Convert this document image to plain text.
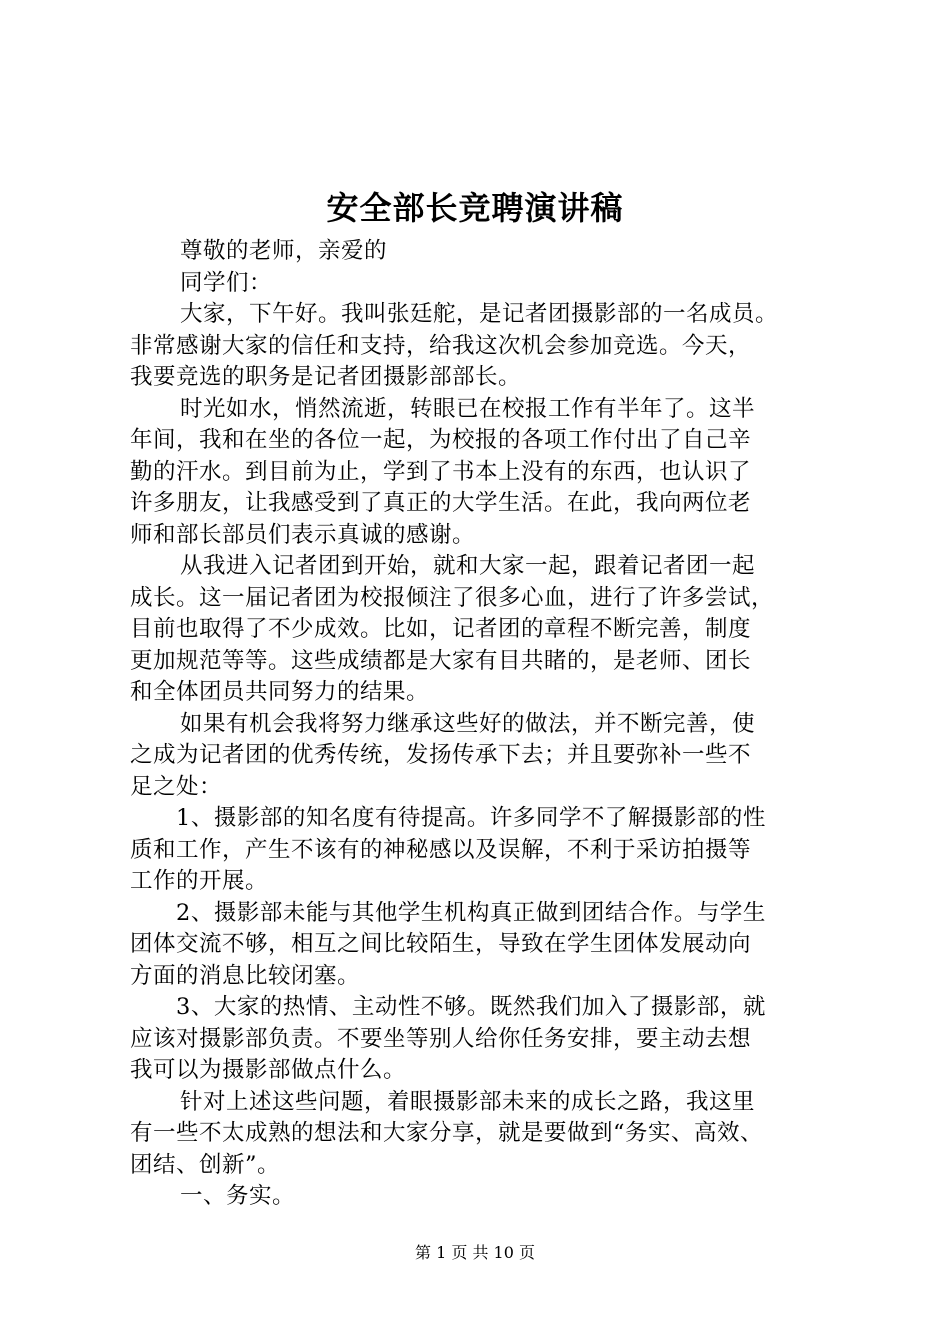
安全部长竞聘演讲稿
尊敬的老师，亲爱的
同学们：
大家，下午好。我叫张廷舵，是记者团摄影部的一名成员。
非常感谢大家的信任和支持，给我这次机会参加竞选。今天，
我要竞选的职务是记者团摄影部部长。
时光如水，悄然流逝，转眼已在校报工作有半年了。这半
年间，我和在坐的各位一起，为校报的各项工作付出了自己辛
勤的汗水。到目前为止，学到了书本上没有的东西，也认识了
许多朋友，让我感受到了真正的大学生活。在此，我向两位老
师和部长部员们表示真诚的感谢。
从我进入记者团到开始，就和大家一起，跟着记者团一起
成长。这一届记者团为校报倾注了很多心血，进行了许多尝试，
目前也取得了不少成效。比如，记者团的章程不断完善，制度
更加规范等等。这些成绩都是大家有目共睹的，是老师、团长
和全体团员共同努力的结果。
如果有机会我将努力继承这些好的做法，并不断完善，使
之成为记者团的优秀传统，发扬传承下去；并且要弥补一些不
足之处：
1、摄影部的知名度有待提高。许多同学不了解摄影部的性
质和工作，产生不该有的神秘感以及误解，不利于采访拍摄等
工作的开展。
2、摄影部未能与其他学生机构真正做到团结合作。与学生
团体交流不够，相互之间比较陌生，导致在学生团体发展动向
方面的消息比较闭塞。
3、大家的热情、主动性不够。既然我们加入了摄影部，就
应该对摄影部负责。不要坐等别人给你任务安排，要主动去想
我可以为摄影部做点什么。
针对上述这些问题，着眼摄影部未来的成长之路，我这里
有一些不太成熟的想法和大家分享，就是要做到“务实、高效、
团结、创新”。
一、务实。
第 1 页 共 10 页
